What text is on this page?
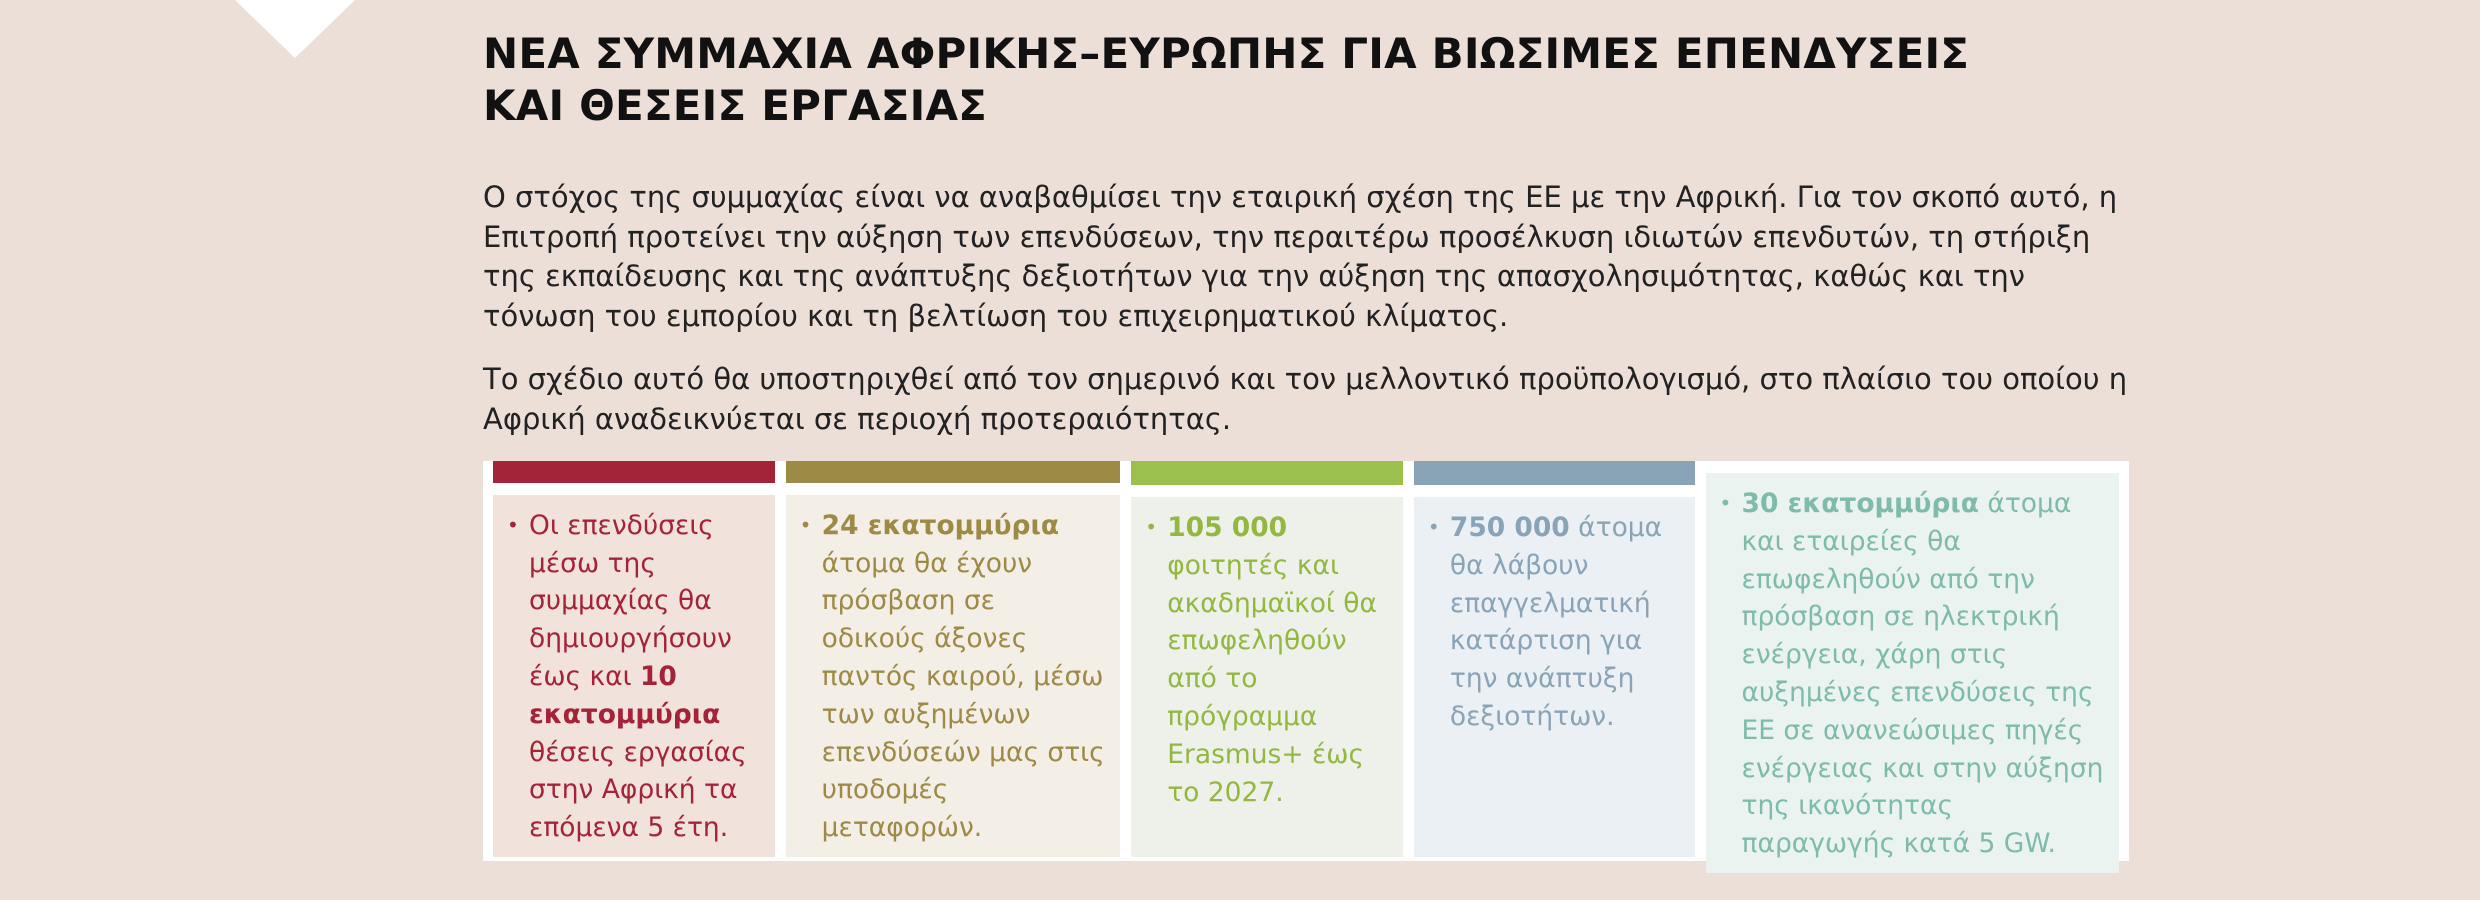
ΝΕΑ ΣΥΜΜΑΧΙΑ ΑΦΡΙΚΗΣ–ΕΥΡΩΠΗΣ ΓΙΑ ΒΙΩΣΙΜΕΣ ΕΠΕΝΔΥΣΕΙΣ
ΚΑΙ ΘΕΣΕΙΣ ΕΡΓΑΣΙΑΣ

Ο στόχος της συμμαχίας είναι να αναβαθμίσει την εταιρική σχέση της ΕΕ με την Αφρική. Για τον σκοπό αυτό, η Επιτροπή προτείνει την αύξηση των επενδύσεων, την περαιτέρω προσέλκυση ιδιωτών επενδυτών, τη στήριξη της εκπαίδευσης και της ανάπτυξης δεξιοτήτων για την αύξηση της απασχολησιμότητας, καθώς και την τόνωση του εμπορίου και τη βελτίωση του επιχειρηματικού κλίματος.

Το σχέδιο αυτό θα υποστηριχθεί από τον σημερινό και τον μελλοντικό προϋπολογισμό, στο πλαίσιο του οποίου η Αφρική αναδεικνύεται σε περιοχή προτεραιότητας.

• Οι επενδύσεις μέσω της συμμαχίας θα δημιουργήσουν έως και 10 εκατομμύρια θέσεις εργασίας στην Αφρική τα επόμενα 5 έτη.
• 24 εκατομμύρια άτομα θα έχουν πρόσβαση σε οδικούς άξονες παντός καιρού, μέσω των αυξημένων επενδύσεών μας στις υποδομές μεταφορών.
• 105 000 φοιτητές και ακαδημαϊκοί θα επωφεληθούν από το πρόγραμμα Erasmus+ έως το 2027.
• 750 000 άτομα θα λάβουν επαγγελματική κατάρτιση για την ανάπτυξη δεξιοτήτων.
• 30 εκατομμύρια άτομα και εταιρείες θα επωφεληθούν από την πρόσβαση σε ηλεκτρική ενέργεια, χάρη στις αυξημένες επενδύσεις της ΕΕ σε ανανεώσιμες πηγές ενέργειας και στην αύξηση της ικανότητας παραγωγής κατά 5 GW.
